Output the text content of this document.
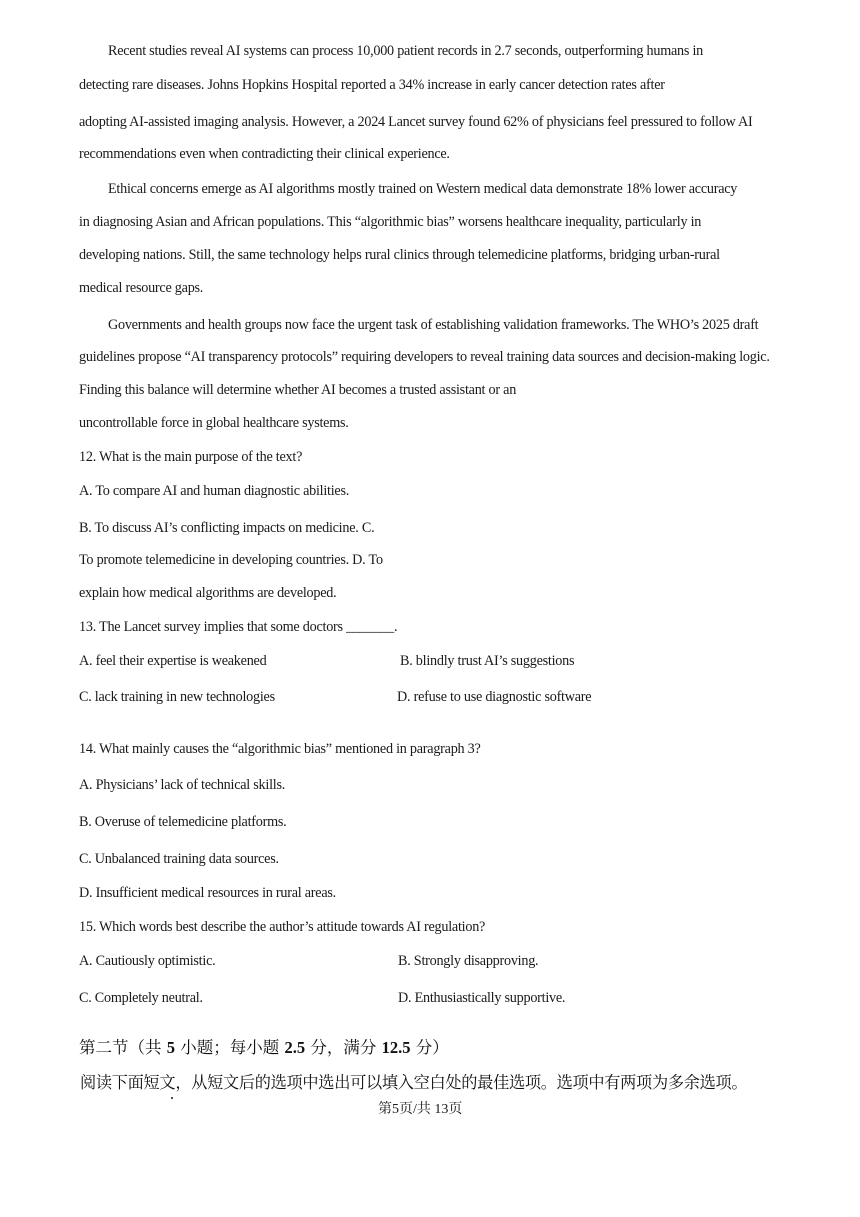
Recent studies reveal AI systems can process 10,000 patient records in 2.7 seconds, outperforming humans in
detecting rare diseases. Johns Hopkins Hospital reported a 34% increase in early cancer detection rates after
adopting AI-assisted imaging analysis. However, a 2024 Lancet survey found 62% of physicians feel pressured to follow AI
recommendations even when contradicting their clinical experience.
Ethical concerns emerge as AI algorithms mostly trained on Western medical data demonstrate 18% lower accuracy
in diagnosing Asian and African populations. This “algorithmic bias” worsens healthcare inequality, particularly in
developing nations. Still, the same technology helps rural clinics through telemedicine platforms, bridging urban-rural
medical resource gaps.
Governments and health groups now face the urgent task of establishing validation frameworks. The WHO’s 2025 draft
guidelines propose “AI transparency protocols” requiring developers to reveal training data sources and decision-making logic.
Finding this balance will determine whether AI becomes a trusted assistant or an
uncontrollable force in global healthcare systems.
12. What is the main purpose of the text?
A. To compare AI and human diagnostic abilities.
B. To discuss AI’s conflicting impacts on medicine. C.
To promote telemedicine in developing countries. D. To
explain how medical algorithms are developed.
13. The Lancet survey implies that some doctors _______.
A. feel their expertise is weakened	B. blindly trust AI’s suggestions
C. lack training in new technologies	D. refuse to use diagnostic software
14. What mainly causes the “algorithmic bias” mentioned in paragraph 3?
A. Physicians’ lack of technical skills.
B. Overuse of telemedicine platforms.
C. Unbalanced training data sources.
D. Insufficient medical resources in rural areas.
15. Which words best describe the author’s attitude towards AI regulation?
A. Cautiously optimistic.	B. Strongly disapproving.
C. Completely neutral.	D. Enthusiastically supportive.
第二节（共 5 小题；每小题 2.5 分，满分 12.5 分）
阅读下面短文，从短文后的选项中选出可以填入空白处的最佳选项。选项中有两项为多余选项。
第5页/共 13页
